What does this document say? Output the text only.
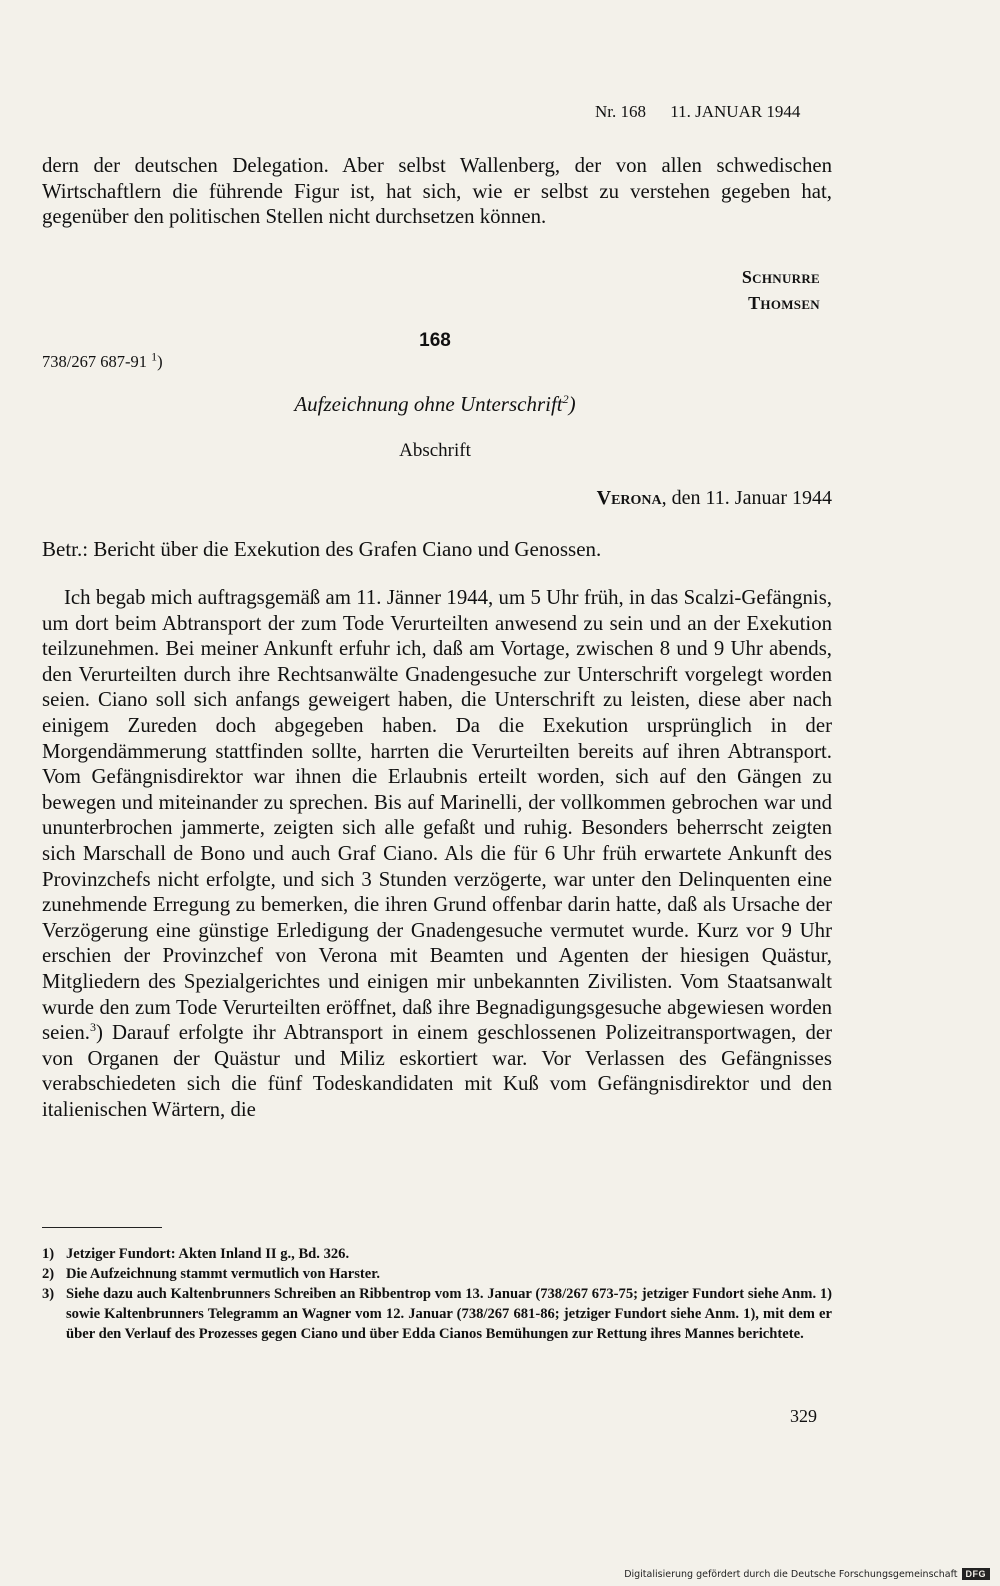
Nr. 168 11. JANUAR 1944
dern der deutschen Delegation. Aber selbst Wallenberg, der von allen schwedischen Wirtschaftlern die führende Figur ist, hat sich, wie er selbst zu verstehen gegeben hat, gegenüber den politischen Stellen nicht durchsetzen können.
Schnurre
Thomsen
168
738/267 687-91 $^1$)
Aufzeichnung ohne Unterschrift$^2$)
Abschrift
Verona, den 11. Januar 1944
Betr.: Bericht über die Exekution des Grafen Ciano und Genossen.
Ich begab mich auftragsgemäß am 11. Jänner 1944, um 5 Uhr früh, in das Scalzi-Gefängnis, um dort beim Abtransport der zum Tode Verurteilten anwesend zu sein und an der Exekution teilzunehmen. Bei meiner Ankunft erfuhr ich, daß am Vortage, zwischen 8 und 9 Uhr abends, den Verurteilten durch ihre Rechtsanwälte Gnadengesuche zur Unterschrift vorgelegt worden seien. Ciano soll sich anfangs geweigert haben, die Unterschrift zu leisten, diese aber nach einigem Zureden doch abgegeben haben. Da die Exekution ursprünglich in der Morgendämmerung stattfinden sollte, harrten die Verurteilten bereits auf ihren Abtransport. Vom Gefängnisdirektor war ihnen die Erlaubnis erteilt worden, sich auf den Gängen zu bewegen und miteinander zu sprechen. Bis auf Marinelli, der vollkommen gebrochen war und ununterbrochen jammerte, zeigten sich alle gefaßt und ruhig. Besonders beherrscht zeigten sich Marschall de Bono und auch Graf Ciano. Als die für 6 Uhr früh erwartete Ankunft des Provinzchefs nicht erfolgte, und sich 3 Stunden verzögerte, war unter den Delinquenten eine zunehmende Erregung zu bemerken, die ihren Grund offenbar darin hatte, daß als Ursache der Verzögerung eine günstige Erledigung der Gnadengesuche vermutet wurde. Kurz vor 9 Uhr erschien der Provinzchef von Verona mit Beamten und Agenten der hiesigen Quästur, Mitgliedern des Spezialgerichtes und einigen mir unbekannten Zivilisten. Vom Staatsanwalt wurde den zum Tode Verurteilten eröffnet, daß ihre Begnadigungsgesuche abgewiesen worden seien.$^3$) Darauf erfolgte ihr Abtransport in einem geschlossenen Polizeitransportwagen, der von Organen der Quästur und Miliz eskortiert war. Vor Verlassen des Gefängnisses verabschiedeten sich die fünf Todeskandidaten mit Kuß vom Gefängnisdirektor und den italienischen Wärtern, die
1) Jetziger Fundort: Akten Inland II g., Bd. 326.
2) Die Aufzeichnung stammt vermutlich von Harster.
3) Siehe dazu auch Kaltenbrunners Schreiben an Ribbentrop vom 13. Januar (738/267 673-75; jetziger Fundort siehe Anm. 1) sowie Kaltenbrunners Telegramm an Wagner vom 12. Januar (738/267 681-86; jetziger Fundort siehe Anm. 1), mit dem er über den Verlauf des Prozesses gegen Ciano und über Edda Cianos Bemühungen zur Rettung ihres Mannes berichtete.
329
Digitalisierung gefördert durch die Deutsche Forschungsgemeinschaft DFG
